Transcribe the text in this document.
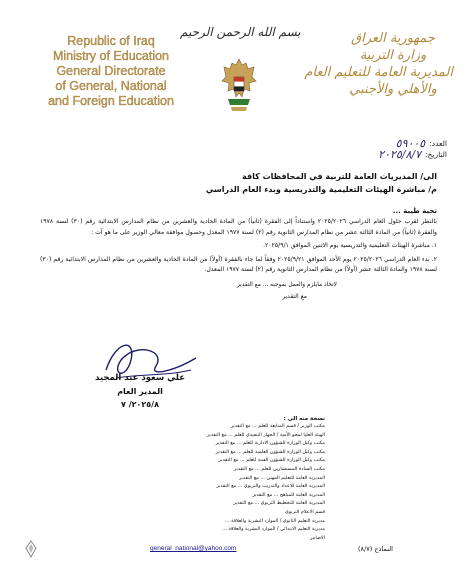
Republic of Iraq
Ministry of Education
General Directorate
of General, National
and Foreign Education
بسم الله الرحمن الرحيم	جمهورية العراق
وزارة التربية
المديرية العامة للتعليم العام
والأهلي والأجنبي
العدد:
٥٩٠٠٥
التاريخ:
٢٠٢٥/٨/٧
الى/ المديريات العامة للتربية في المحافظات كافة
م/ مباشرة الهيئات التعليمية والتدريسية وبدء العام الدراسي
تحية طيبة ...
بالنظر لقرب حلول العام الدراسي ٢٠٢٥/٢٠٢٦ واستناداً إلى الفقرة (ثانياً) من المادة الحادية والعشرين من نظام المدارس الابتدائية رقم (٣٠) لسنة ١٩٧٨ والفقرة (ثانياً) من المادة الثالثة عشر من نظام المدارس الثانوية رقم (٢) لسنة ١٩٧٧ المعدل وحصول موافقة معالي الوزير على ما هو آت :
١. مباشرة الهيئات التعليمية والتدريسية يوم الاثنين الموافق ٢٠٢٥/٩/١.
٢. بدء العام الدراسي ٢٠٢٥/٢٠٢٦ يوم الأحد الموافق ٢٠٢٥/٩/٢١ وفقاً لما جاء بالفقرة (أولاً) من المادة الحادية والعشرين من نظام المدارس الابتدائية رقم (٣٠) لسنة ١٩٧٨ والمادة الثالثة عشر (أولاً) من نظام المدارس الثانوية رقم (٢) لسنة ١٩٧٧ المعدل.
لاتخاذ مايلزم والعمل بموجبه ... مع التقدير
مع التقدير
علي سعود عبد المجيد
المدير العام
٢٠٢٥/٨/ ٧
نسخة منه الى :
مكتب الوزير / قسم المتابعة للعلم ... مع التقدير
الهيئة العليا لمحو الأمية / الجهاز التنفيذي للعلم ... مع التقدير
مكتب وكيل الوزارة للشؤون الادارية للعلم ... مع التقدير
مكتب وكيل الوزارة للشؤون العلمية للعلم ... مع التقدير
مكتب وكيل الوزارة للشؤون الفنية للعلم ... مع التقدير
مكتب السادة المستشارين للعلم ... مع التقدير
المديرية العامة للتعليم المهني ... مع التقدير
المديرية العامة للاعداد والتدريب والتربوي ... مع التقدير
المديرية العامة للمناهج ... مع التقدير
المديرية العامة للتخطيط التربوي ... مع التقدير
قسم الاعلام التربوي
مديرية التعليم الثانوي / الموارد البشرية والعلاقة ...
مديرية التعليم الابتدائي / الموارد البشرية والعلاقة ...
الاضابير
general_national@yahoo.com	النماذج (٨/٧)
